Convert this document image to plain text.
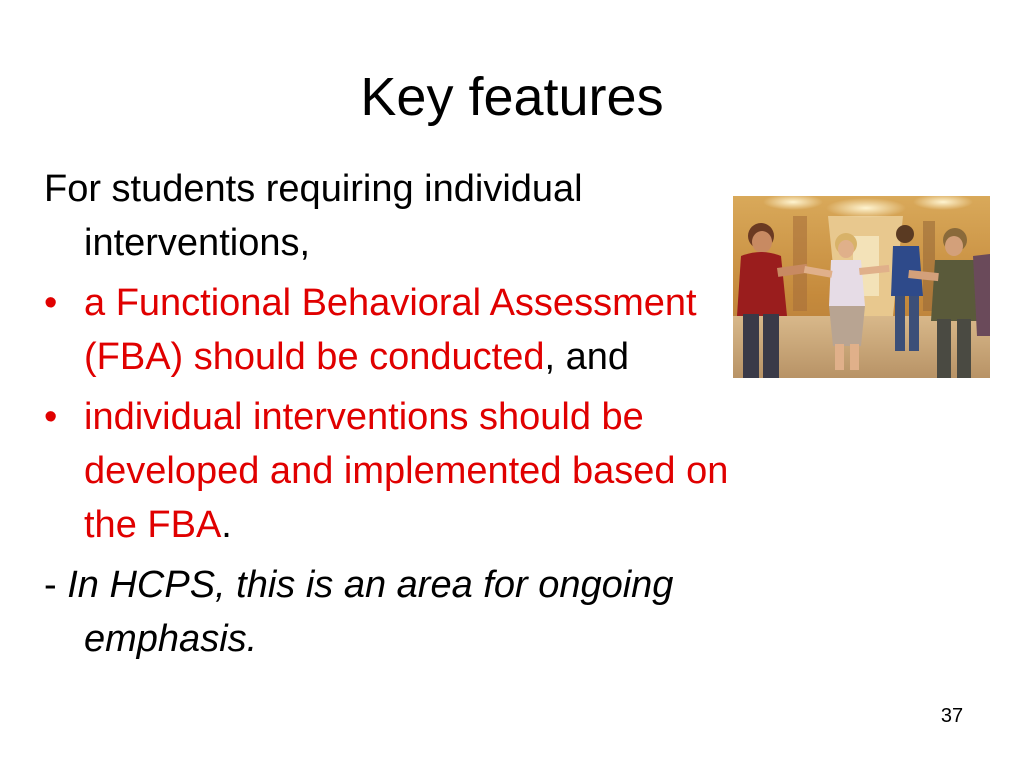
Key features

For students requiring individual interventions,

• a Functional Behavioral Assessment (FBA) should be conducted, and

• individual interventions should be developed and implemented based on the FBA.

- In HCPS, this is an area for ongoing emphasis.

37
